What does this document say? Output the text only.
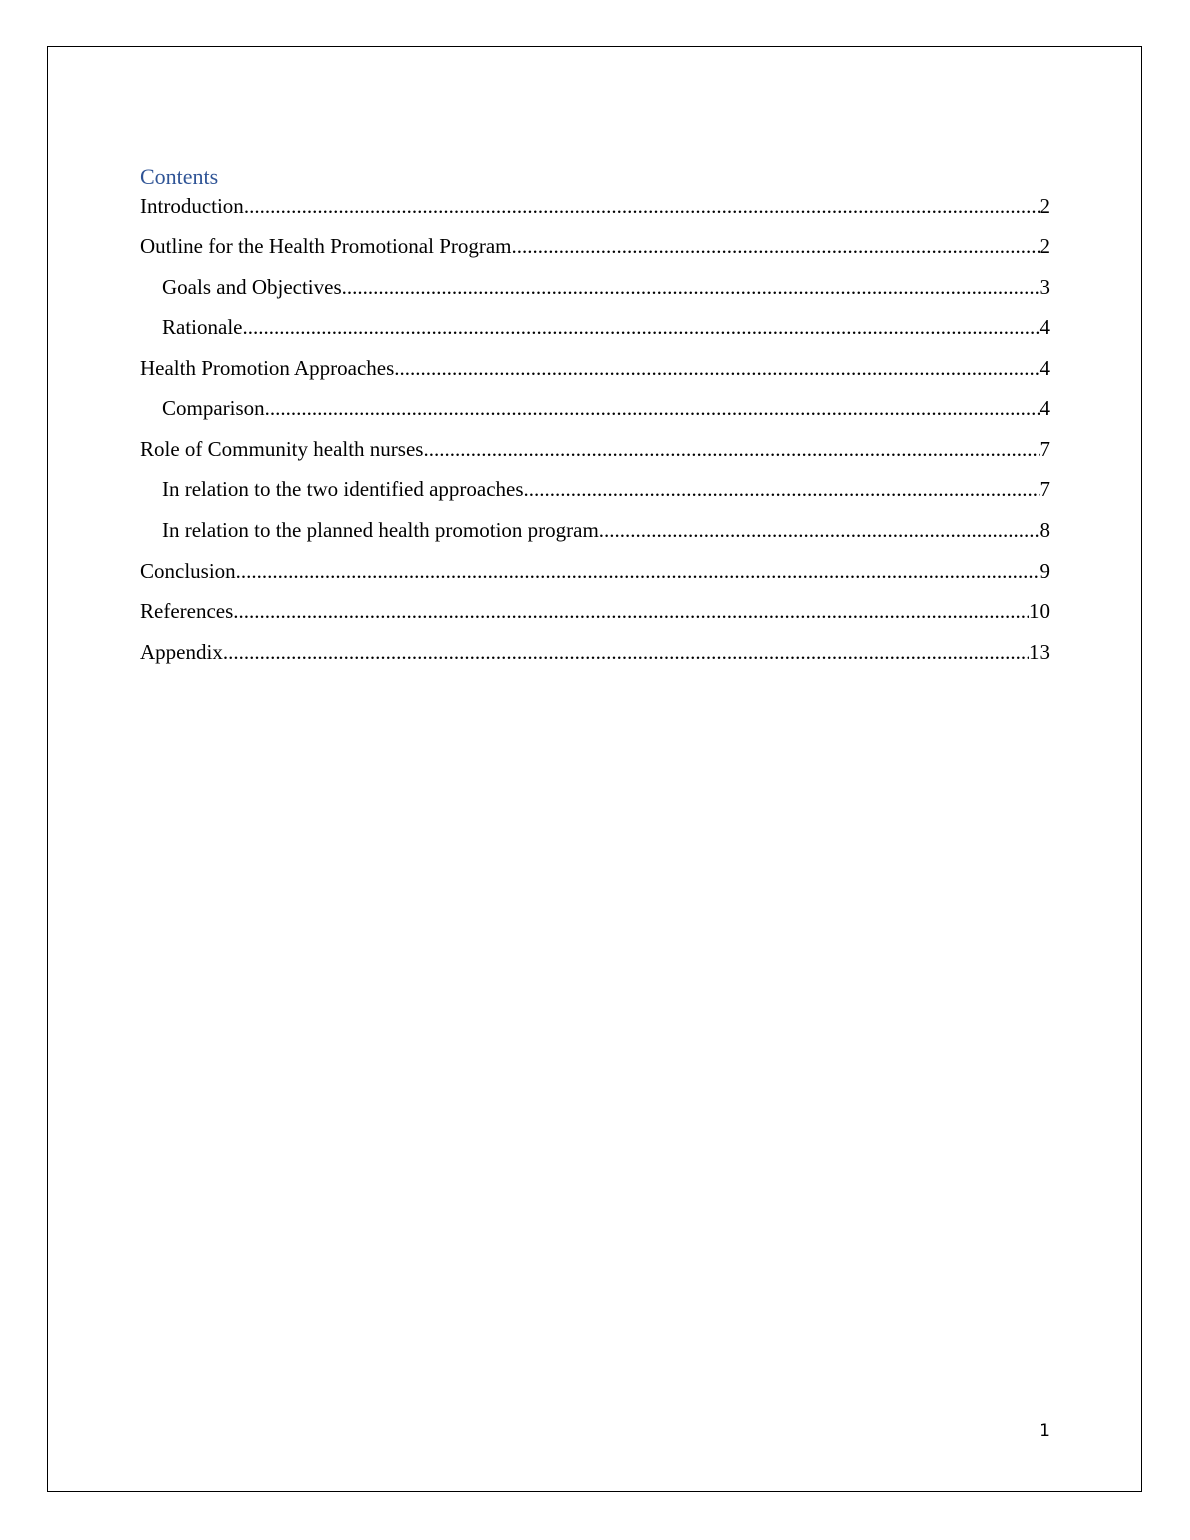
Contents
Introduction .....	2
Outline for the Health Promotional Program .....	2
Goals and Objectives .....	3
Rationale .....	4
Health Promotion Approaches .....	4
Comparison .....	4
Role of Community health nurses .....	7
In relation to the two identified approaches .....	7
In relation to the planned health promotion program .....	8
Conclusion .....	9
References .....	10
Appendix .....	13
1
